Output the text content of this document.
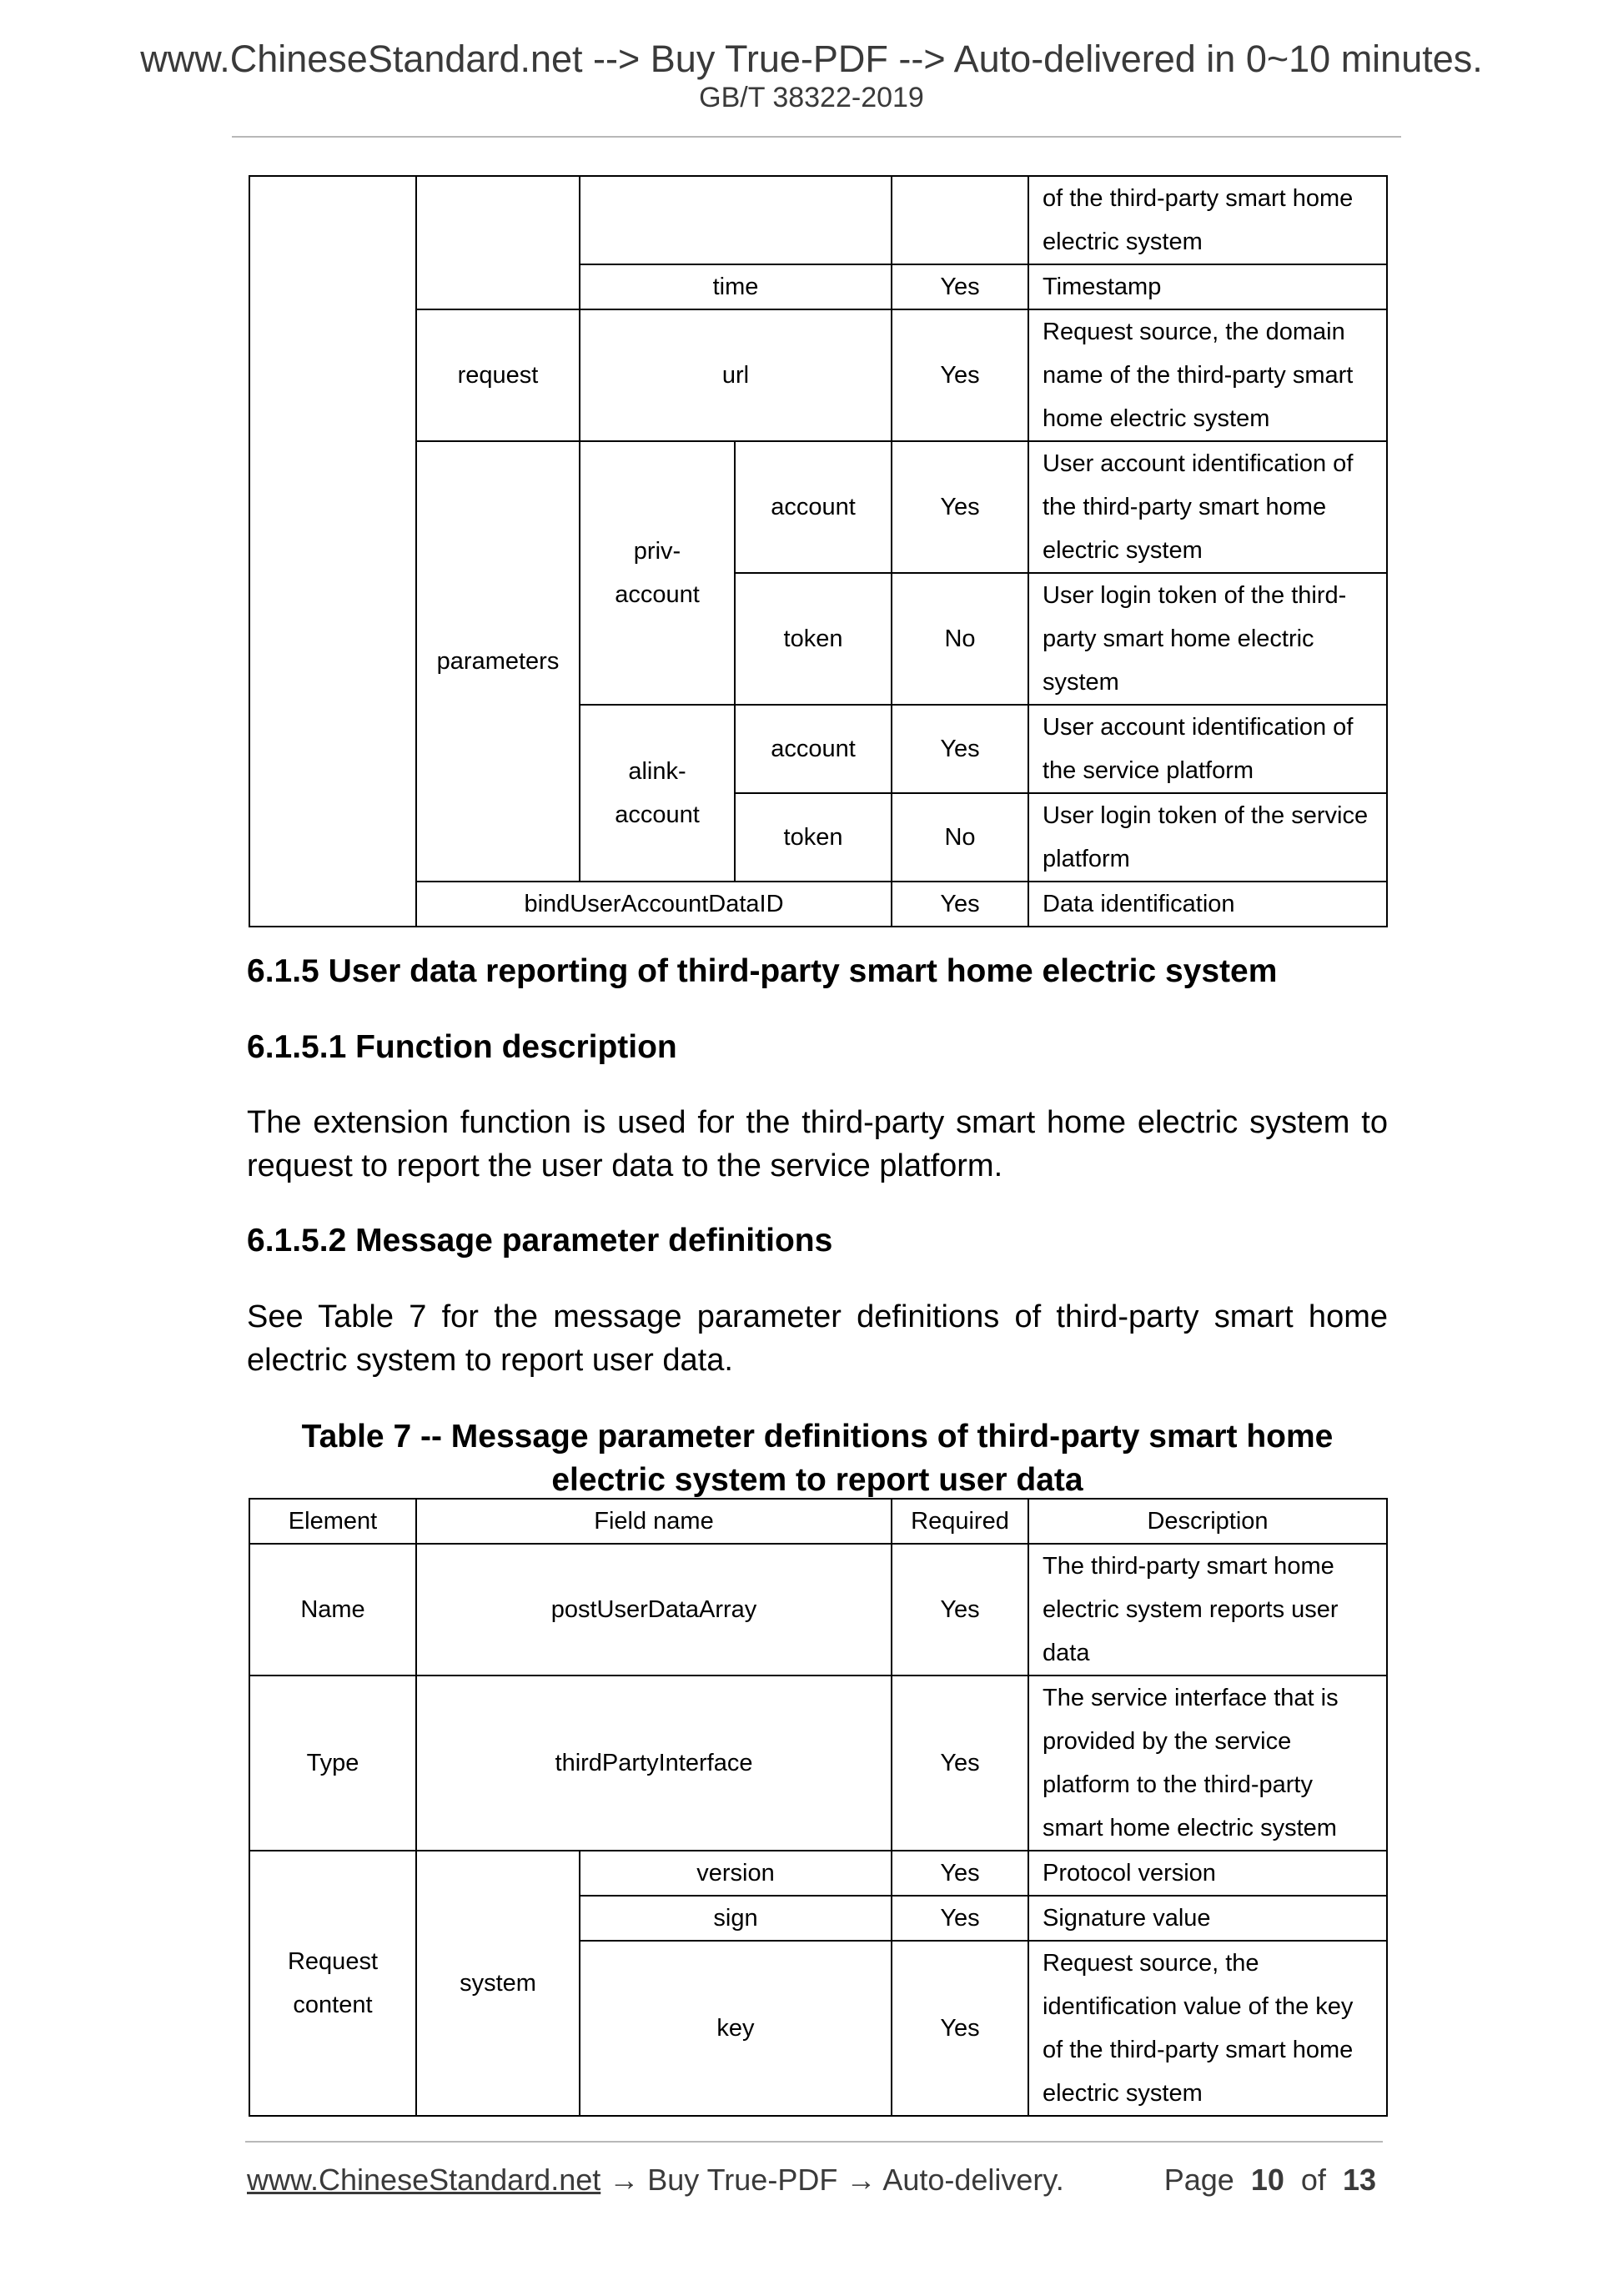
www.ChineseStandard.net --> Buy True-PDF --> Auto-delivered in 0~10 minutes.
GB/T 38322-2019
					of the third-party smart home electric system
		time		Yes	Timestamp
	request	url		Yes	Request source, the domain name of the third-party smart home electric system
	parameters	priv-account	account	Yes	User account identification of the third-party smart home electric system
			token	No	User login token of the third-party smart home electric system
		alink-account	account	Yes	User account identification of the service platform
			token	No	User login token of the service platform
	bindUserAccountDataID			Yes	Data identification
6.1.5 User data reporting of third-party smart home electric system
6.1.5.1 Function description
The extension function is used for the third-party smart home electric system to request to report the user data to the service platform.
6.1.5.2 Message parameter definitions
See Table 7 for the message parameter definitions of third-party smart home electric system to report user data.
Table 7 -- Message parameter definitions of third-party smart home electric system to report user data
Element	Field name		Required	Description
Name	postUserDataArray		Yes	The third-party smart home electric system reports user data
Type	thirdPartyInterface		Yes	The service interface that is provided by the service platform to the third-party smart home electric system
Request content	system	version	Yes	Protocol version
		sign	Yes	Signature value
		key	Yes	Request source, the identification value of the key of the third-party smart home electric system
www.ChineseStandard.net → Buy True-PDF → Auto-delivery.	Page 10 of 13
